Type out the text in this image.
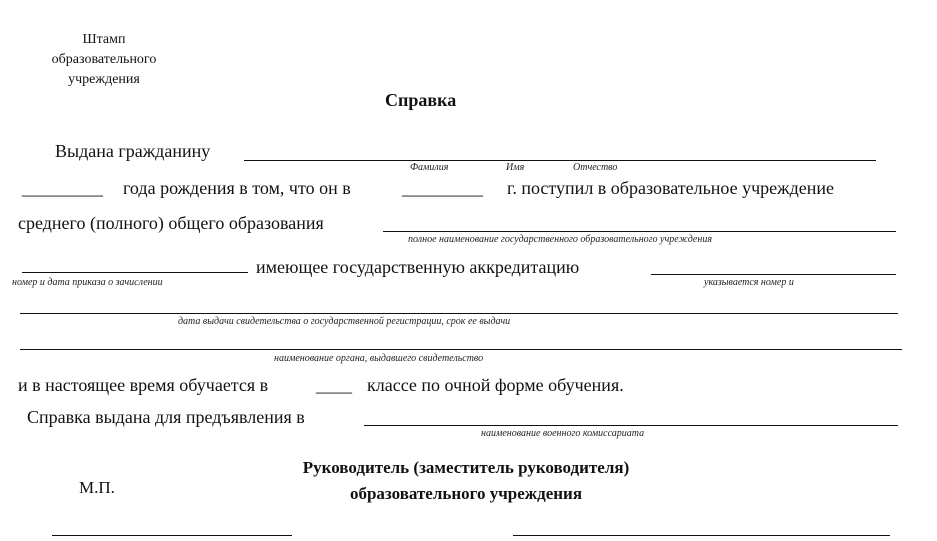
Штамп
образовательного
учреждения
Справка
Выдана гражданину
Фамилия	Имя	Отчество
_________ года рождения в том, что он в	_________ г. поступил в образовательное учреждение
среднего (полного) общего образования
полное наименование государственного образовательного учреждения
номер и дата приказа о зачислении
имеющее государственную аккредитацию
указывается номер и
дата выдачи свидетельства о государственной регистрации, срок ее выдачи
наименование органа, выдавшего свидетельство
и в настоящее время обучается в	____ классе по очной форме обучения.
Справка выдана для предъявления в
наименование военного комиссариата
М.П.
Руководитель (заместитель руководителя)
образовательного учреждения
